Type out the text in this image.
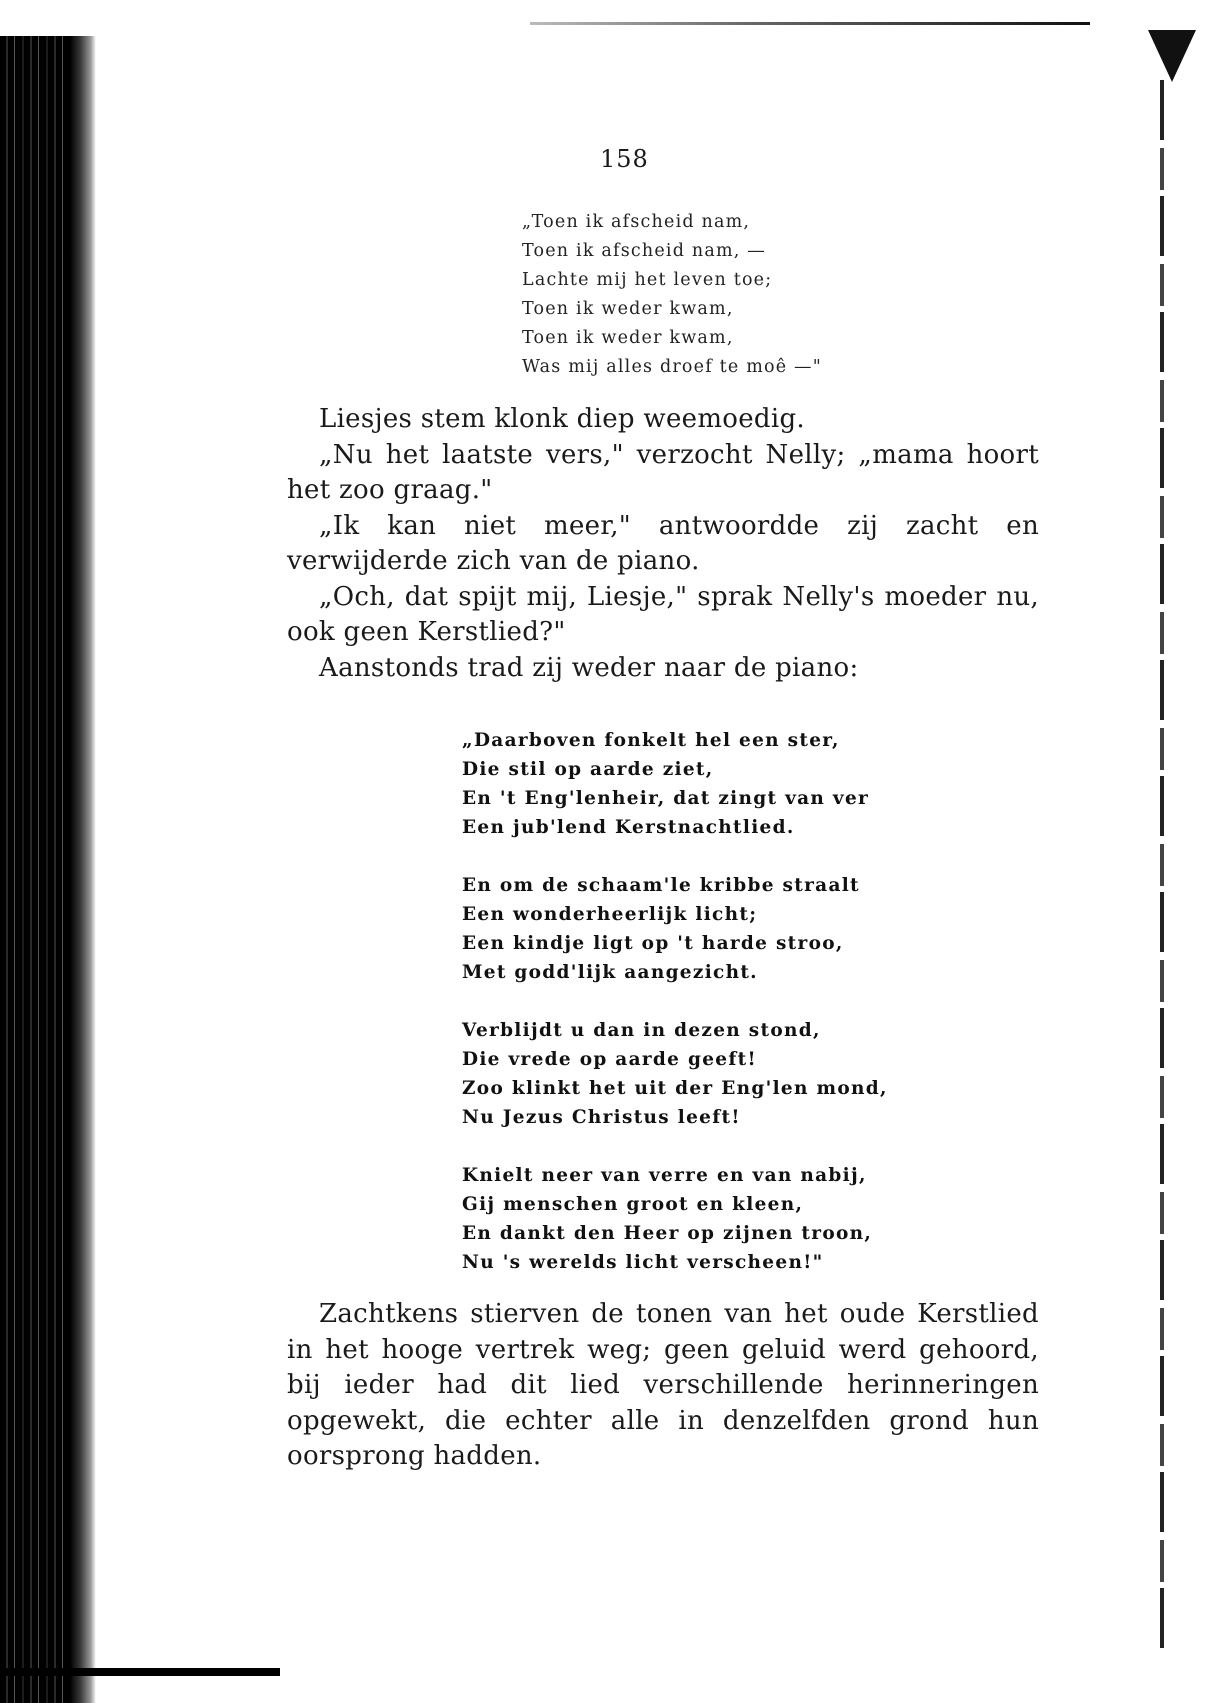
158
„Toen ik afscheid nam,
Toen ik afscheid nam, —
Lachte mij het leven toe;
Toen ik weder kwam,
Toen ik weder kwam,
Was mij alles droef te moê —"

Liesjes stem klonk diep weemoedig.

„Nu het laatste vers," verzocht Nelly; „mama hoort het zoo graag."

„Ik kan niet meer," antwoordde zij zacht en verwijderde zich van de piano.

„Och, dat spijt mij, Liesje," sprak Nelly's moeder nu, ook geen Kerstlied?"

Aanstonds trad zij weder naar de piano:

„Daarboven fonkelt hel een ster,
Die stil op aarde ziet,
En 't Eng'lenheir, dat zingt van ver
Een jub'lend Kerstnachtlied.
En om de schaam'le kribbe straalt
Een wonderheerlijk licht;
Een kindje ligt op 't harde stroo,
Met godd'lijk aangezicht.
Verblijdt u dan in dezen stond,
Die vrede op aarde geeft!
Zoo klinkt het uit der Eng'len mond,
Nu Jezus Christus leeft!
Knielt neer van verre en van nabij,
Gij menschen groot en kleen,
En dankt den Heer op zijnen troon,
Nu 's werelds licht verscheen!"

Zachtkens stierven de tonen van het oude Kerstlied in het hooge vertrek weg; geen geluid werd gehoord, bij ieder had dit lied verschillende herinneringen opgewekt, die echter alle in denzelfden grond hun oorsprong hadden.
